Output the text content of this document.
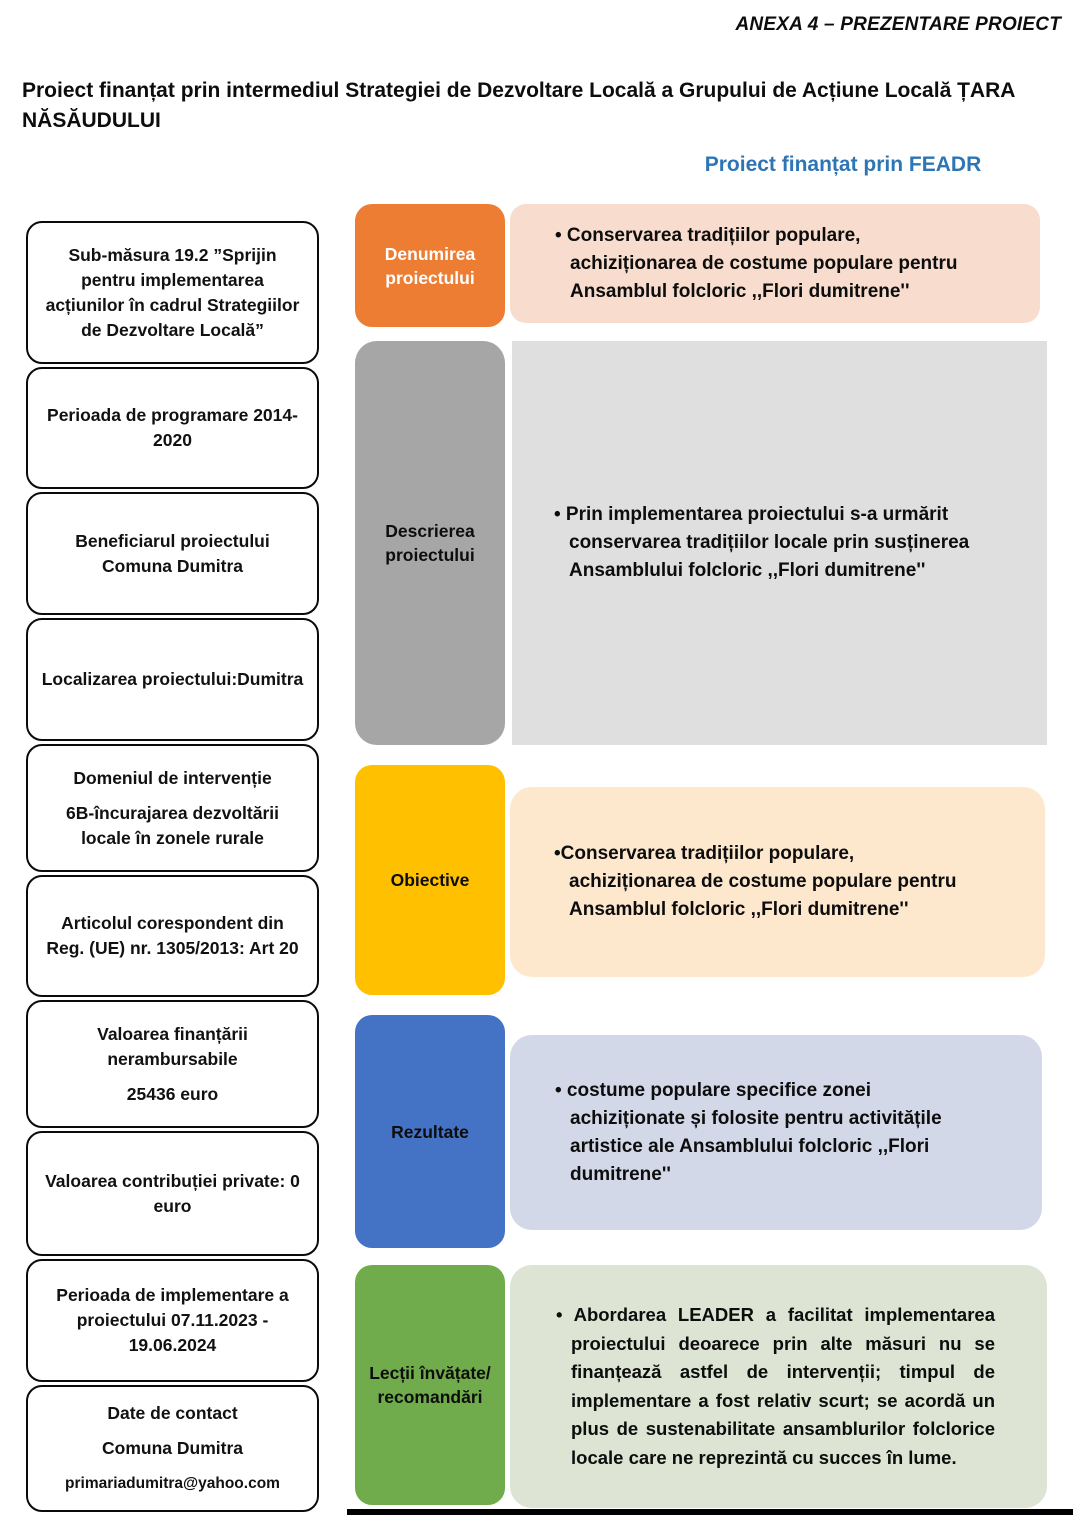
ANEXA 4 – PREZENTARE PROIECT
Proiect finanțat prin intermediul Strategiei de Dezvoltare Locală a Grupului de Acțiune Locală ȚARA NĂSĂUDULUI
Proiect finanțat prin FEADR

Sub-măsura 19.2 ”Sprijin pentru implementarea acțiunilor în cadrul Strategiilor de Dezvoltare Locală”

Perioada de programare 2014-2020

Beneficiarul proiectului Comuna Dumitra

Localizarea proiectului:Dumitra

Domeniul de intervenție

6B-încurajarea dezvoltării locale în zonele rurale

Articolul corespondent din Reg. (UE) nr. 1305/2013: Art 20

Valoarea finanțării nerambursabile

25436 euro

Valoarea contribuției private: 0 euro

Perioada de implementare a proiectului 07.11.2023 - 19.06.2024

Date de contact

Comuna Dumitra

primariadumitra@yahoo.com

Denumirea proiectului

• Conservarea tradițiilor populare, achiziționarea de costume populare pentru Ansamblul folcloric ,,Flori dumitrene''

Descrierea proiectului

• Prin implementarea proiectului s-a urmărit conservarea tradițiilor locale prin susținerea Ansamblului folcloric ,,Flori dumitrene''

Obiective

•Conservarea tradițiilor populare, achiziționarea de costume populare pentru Ansamblul folcloric ,,Flori dumitrene''

Rezultate

• costume populare specifice zonei achiziționate și folosite pentru activitățile artistice ale Ansamblului folcloric ,,Flori dumitrene''

Lecții învățate/ recomandări

• Abordarea LEADER a facilitat implementarea proiectului deoarece prin alte măsuri nu se finanțează astfel de intervenții; timpul de implementare a fost relativ scurt; se acordă un plus de sustenabilitate ansamblurilor folclorice locale care ne reprezintă cu succes în lume.
